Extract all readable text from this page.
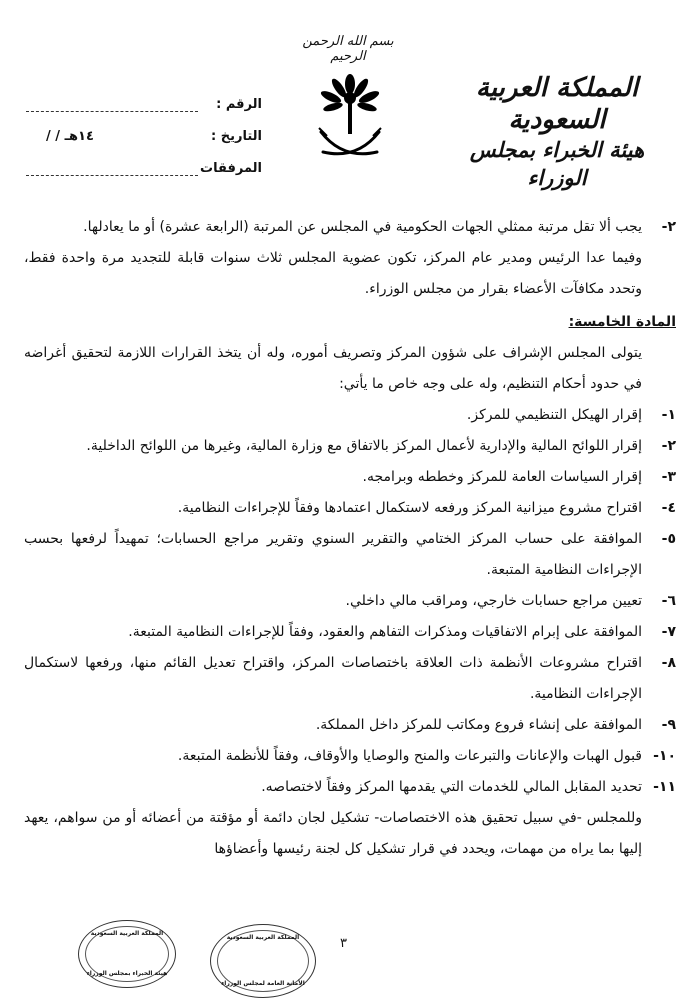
المملكة العربية السعودية
هيئة الخبراء بمجلس الوزراء
بسم الله الرحمن الرحيم
الرقم :
التاريخ :
/ / ١٤هـ
المرفقات
٢-
يجب ألا تقل مرتبة ممثلي الجهات الحكومية في المجلس عن المرتبة (الرابعة عشرة) أو ما يعادلها.

وفيما عدا الرئيس ومدير عام المركز، تكون عضوية المجلس ثلاث سنوات قابلة للتجديد مرة واحدة فقط، وتحدد مكافآت الأعضاء بقرار من مجلس الوزراء.

المادة الخامسة:

يتولى المجلس الإشراف على شؤون المركز وتصريف أموره، وله أن يتخذ القرارات اللازمة لتحقيق أغراضه في حدود أحكام التنظيم، وله على وجه خاص ما يأتي:

١-
إقرار الهيكل التنظيمي للمركز.
٢-
إقرار اللوائح المالية والإدارية لأعمال المركز بالاتفاق مع وزارة المالية، وغيرها من اللوائح الداخلية.
٣-
إقرار السياسات العامة للمركز وخططه وبرامجه.
٤-
اقتراح مشروع ميزانية المركز ورفعه لاستكمال اعتمادها وفقاً للإجراءات النظامية.
٥-
الموافقة على حساب المركز الختامي والتقرير السنوي وتقرير مراجع الحسابات؛ تمهيداً لرفعها بحسب الإجراءات النظامية المتبعة.
٦-
تعيين مراجع حسابات خارجي، ومراقب مالي داخلي.
٧-
الموافقة على إبرام الاتفاقيات ومذكرات التفاهم والعقود، وفقاً للإجراءات النظامية المتبعة.
٨-
اقتراح مشروعات الأنظمة ذات العلاقة باختصاصات المركز، واقتراح تعديل القائم منها، ورفعها لاستكمال الإجراءات النظامية.
٩-
الموافقة على إنشاء فروع ومكاتب للمركز داخل المملكة.
١٠-
قبول الهبات والإعانات والتبرعات والمنح والوصايا والأوقاف، وفقاً للأنظمة المتبعة.
١١-
تحديد المقابل المالي للخدمات التي يقدمها المركز وفقاً لاختصاصه.

وللمجلس -في سبيل تحقيق هذه الاختصاصات- تشكيل لجان دائمة أو مؤقتة من أعضائه أو من سواهم، يعهد إليها بما يراه من مهمات، ويحدد في قرار تشكيل كل لجنة رئيسها وأعضاؤها

٣
المملكة العربية السعودية
الأمانة العامة لمجلس الوزراء
المملكة العربية السعودية
هيئة الخبراء بمجلس الوزراء
